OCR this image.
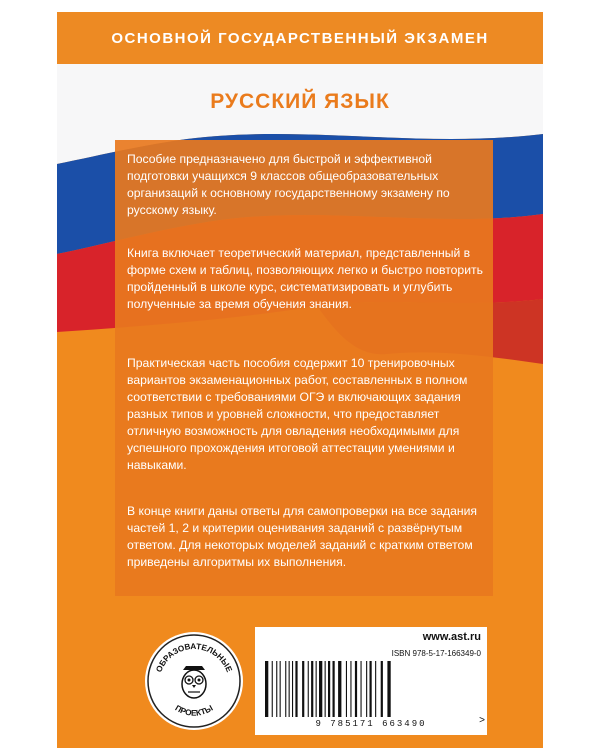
ОСНОВНОЙ ГОСУДАРСТВЕННЫЙ ЭКЗАМЕН
РУССКИЙ ЯЗЫК

Пособие предназначено для быстрой и эффективной подготовки учащихся 9 классов общеобразовательных организаций к основному государственному экзамену по русскому языку.

Книга включает теоретический материал, представленный в форме схем и таблиц, позволяющих легко и быстро повторить пройденный в школе курс, систематизировать и углубить полученные за время обучения знания.

Практическая часть пособия содержит 10 тренировочных вариантов экзаменационных работ, составленных в полном соответствии с требованиями ОГЭ и включающих задания разных типов и уровней сложности, что предоставляет отличную возможность для овладения необходимыми для успешного прохождения итоговой аттестации умениями и навыками.

В конце книги даны ответы для самопроверки на все задания частей 1, 2 и критерии оценивания заданий с развёрнутым ответом. Для некоторых моделей заданий с кратким ответом приведены алгоритмы их выполнения.

ОБРАЗОВАТЕЛЬНЫЕ
ПРОЕКТЫ
www.ast.ru
ISBN 978-5-17-166349-0
9 785171 663490	>
